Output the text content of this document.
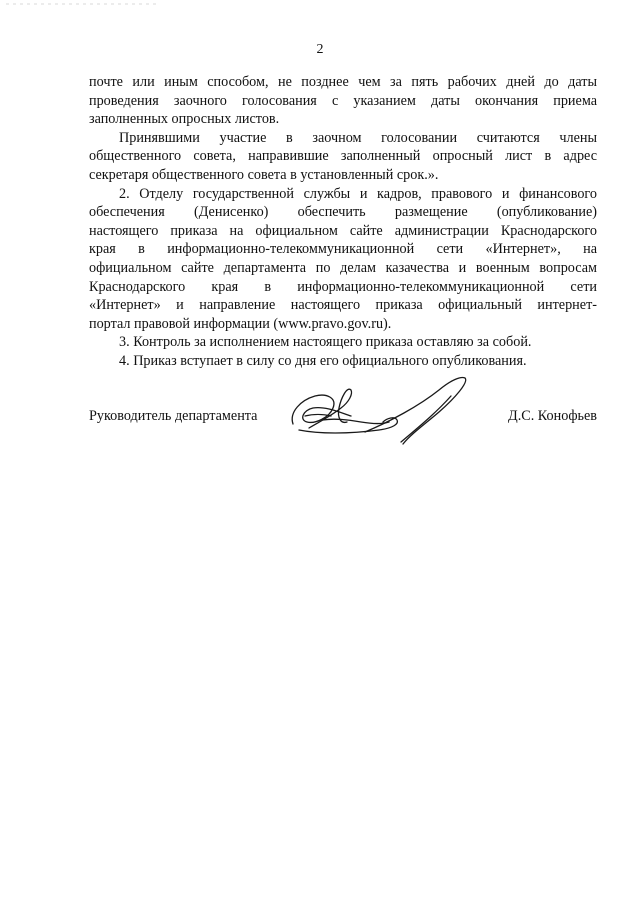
2
почте или иным способом, не позднее чем за пять рабочих дней до даты
проведения заочного голосования с указанием даты окончания приема
заполненных опросных листов.
Принявшими участие в заочном голосовании считаются члены
общественного совета, направившие заполненный опросный лист в адрес
секретаря общественного совета в установленный срок.».
2. Отделу государственной службы и кадров, правового и финансового
обеспечения (Денисенко) обеспечить размещение (опубликование)
настоящего приказа на официальном сайте администрации Краснодарского
края в информационно-телекоммуникационной сети «Интернет», на
официальном сайте департамента по делам казачества и военным вопросам
Краснодарского края в информационно-телекоммуникационной сети
«Интернет» и направление настоящего приказа официальный интернет-
портал правовой информации (www.pravo.gov.ru).
3. Контроль за исполнением настоящего приказа оставляю за собой.
4. Приказ вступает в силу со дня его официального опубликования.
Руководитель департамента	Д.С. Конофьев
